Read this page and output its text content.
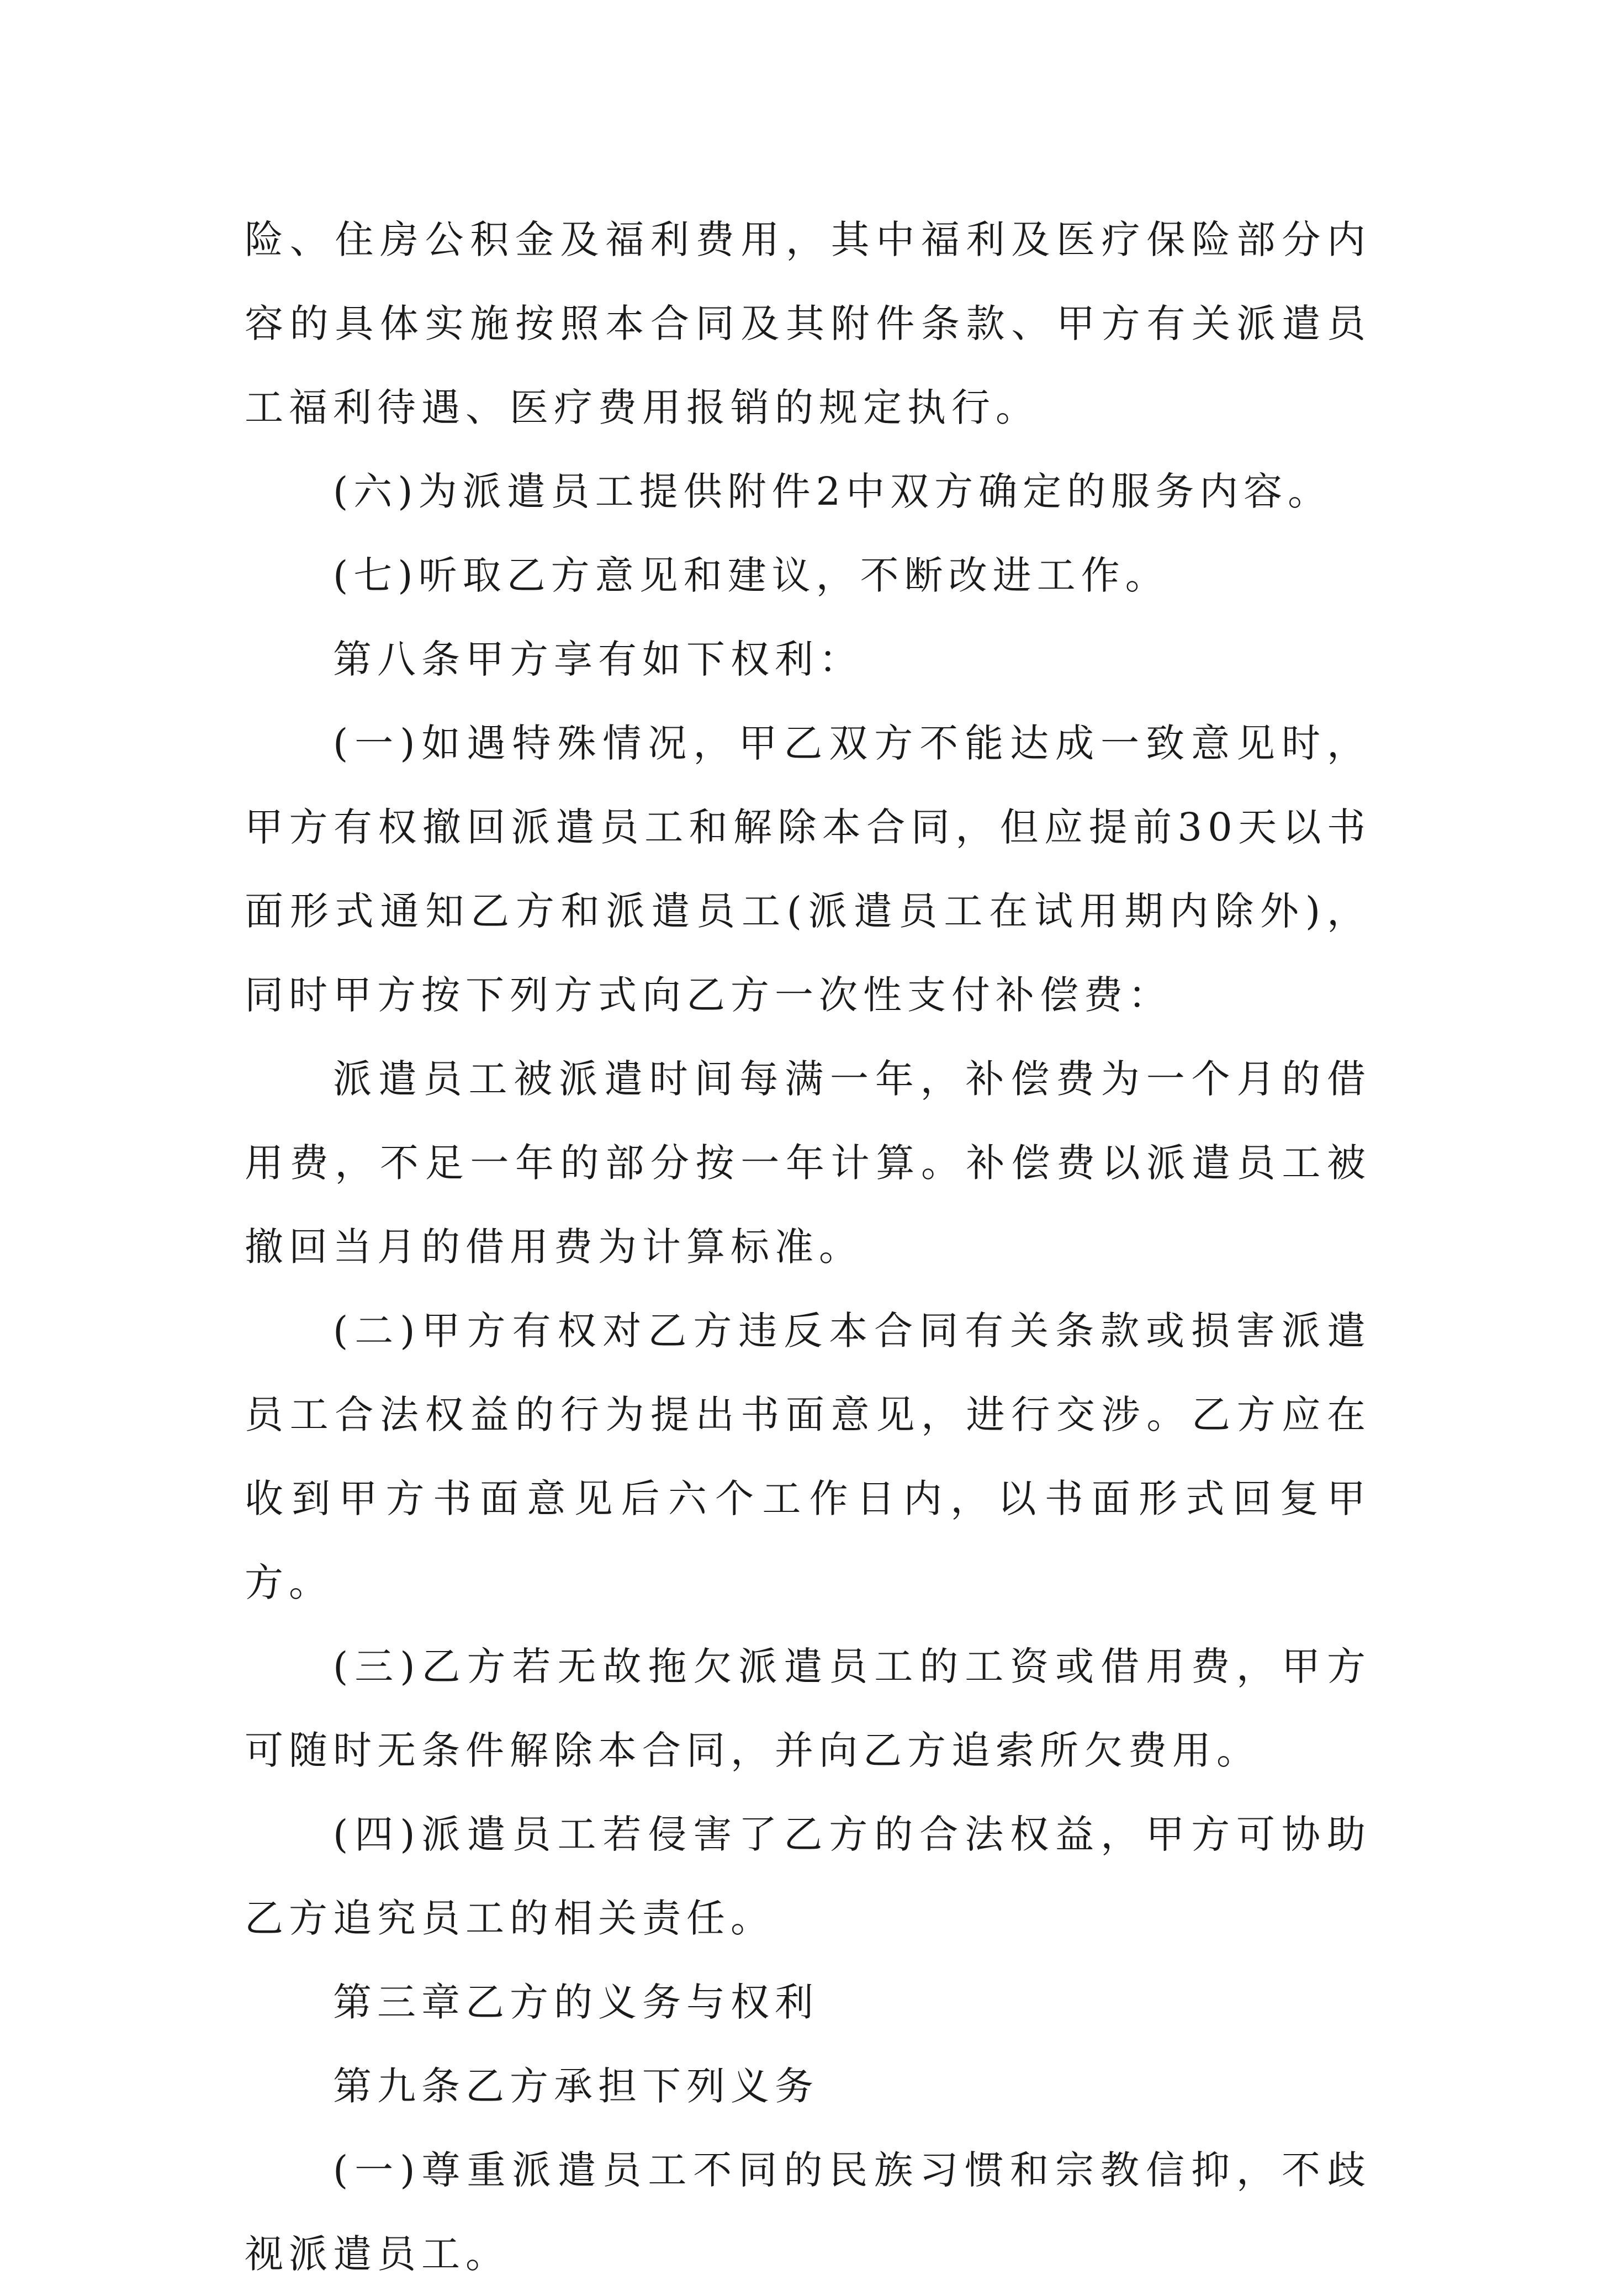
险、住房公积金及福利费用，其中福利及医疗保险部分内容的具体实施按照本合同及其附件条款、甲方有关派遣员工福利待遇、医疗费用报销的规定执行。

(六)为派遣员工提供附件2中双方确定的服务内容。

(七)听取乙方意见和建议，不断改进工作。

第八条甲方享有如下权利：

(一)如遇特殊情况，甲乙双方不能达成一致意见时，甲方有权撤回派遣员工和解除本合同，但应提前30天以书面形式通知乙方和派遣员工(派遣员工在试用期内除外)，同时甲方按下列方式向乙方一次性支付补偿费：

派遣员工被派遣时间每满一年，补偿费为一个月的借用费，不足一年的部分按一年计算。补偿费以派遣员工被撤回当月的借用费为计算标准。

(二)甲方有权对乙方违反本合同有关条款或损害派遣员工合法权益的行为提出书面意见，进行交涉。乙方应在收到甲方书面意见后六个工作日内，以书面形式回复甲方。

(三)乙方若无故拖欠派遣员工的工资或借用费，甲方可随时无条件解除本合同，并向乙方追索所欠费用。

(四)派遣员工若侵害了乙方的合法权益，甲方可协助乙方追究员工的相关责任。

第三章乙方的义务与权利

第九条乙方承担下列义务

(一)尊重派遣员工不同的民族习惯和宗教信抑，不歧视派遣员工。
